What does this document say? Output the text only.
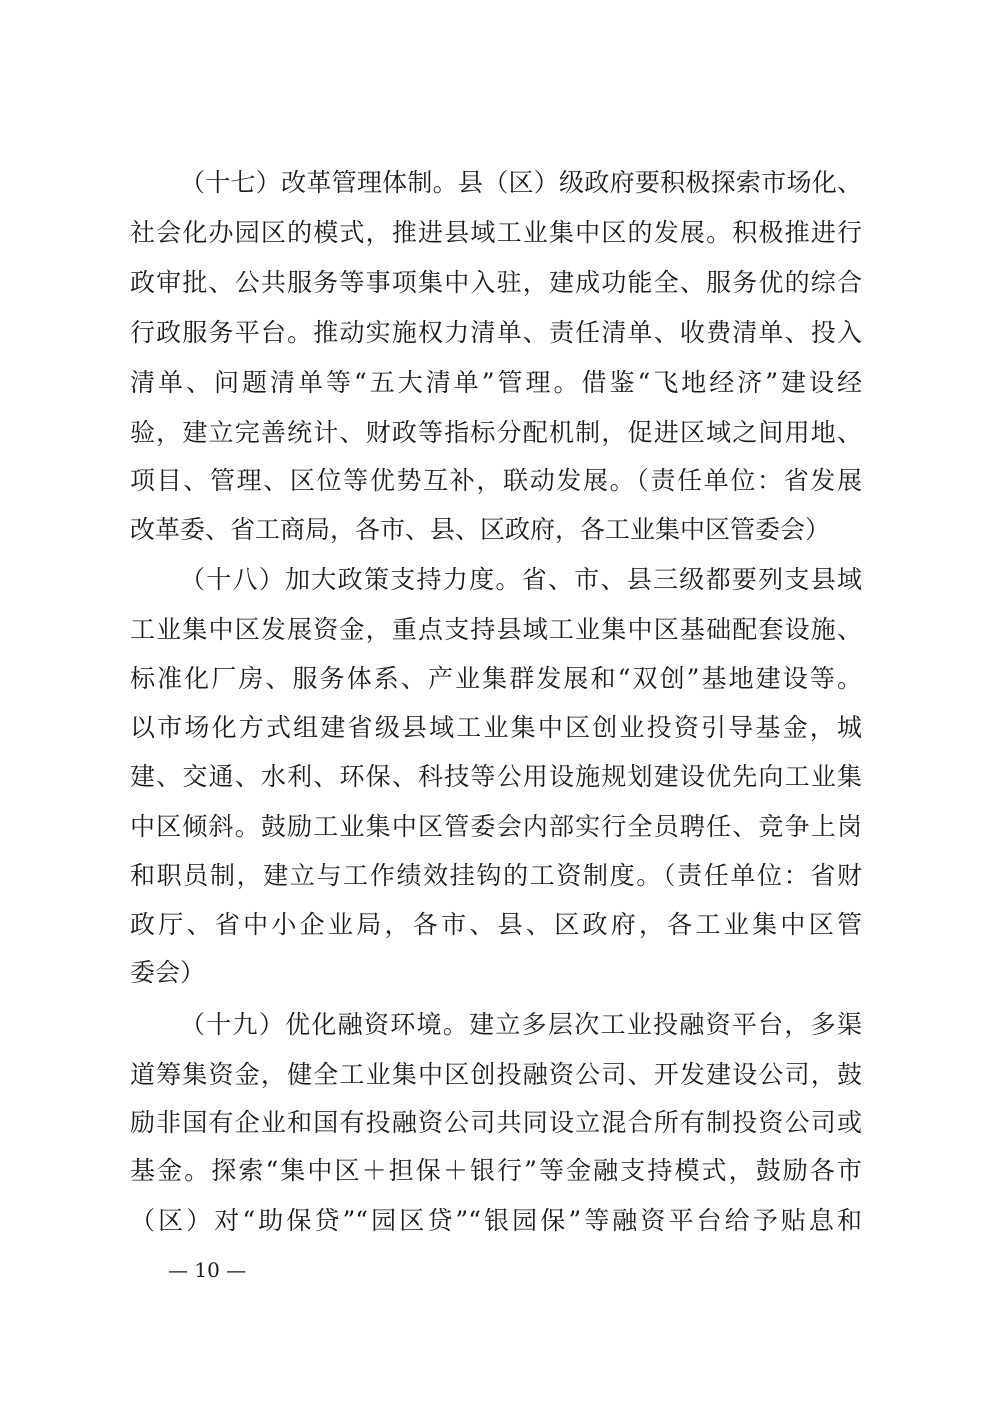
（十七）改革管理体制。县（区）级政府要积极探索市场化、
社会化办园区的模式，推进县域工业集中区的发展。积极推进行
政审批、公共服务等事项集中入驻，建成功能全、服务优的综合
行政服务平台。推动实施权力清单、责任清单、收费清单、投入
清单、问题清单等“五大清单”管理。借鉴“飞地经济”建设经
验，建立完善统计、财政等指标分配机制，促进区域之间用地、
项目、管理、区位等优势互补，联动发展。（责任单位：省发展
改革委、省工商局，各市、县、区政府，各工业集中区管委会）
（十八）加大政策支持力度。省、市、县三级都要列支县域
工业集中区发展资金，重点支持县域工业集中区基础配套设施、
标准化厂房、服务体系、产业集群发展和“双创”基地建设等。
以市场化方式组建省级县域工业集中区创业投资引导基金，城
建、交通、水利、环保、科技等公用设施规划建设优先向工业集
中区倾斜。鼓励工业集中区管委会内部实行全员聘任、竞争上岗
和职员制，建立与工作绩效挂钩的工资制度。（责任单位：省财
政厅、省中小企业局，各市、县、区政府，各工业集中区管
委会）
（十九）优化融资环境。建立多层次工业投融资平台，多渠
道筹集资金，健全工业集中区创投融资公司、开发建设公司，鼓
励非国有企业和国有投融资公司共同设立混合所有制投资公司或
基金。探索“集中区＋担保＋银行”等金融支持模式，鼓励各市
（区）对“助保贷”“园区贷”“银园保”等融资平台给予贴息和
— 10 —
